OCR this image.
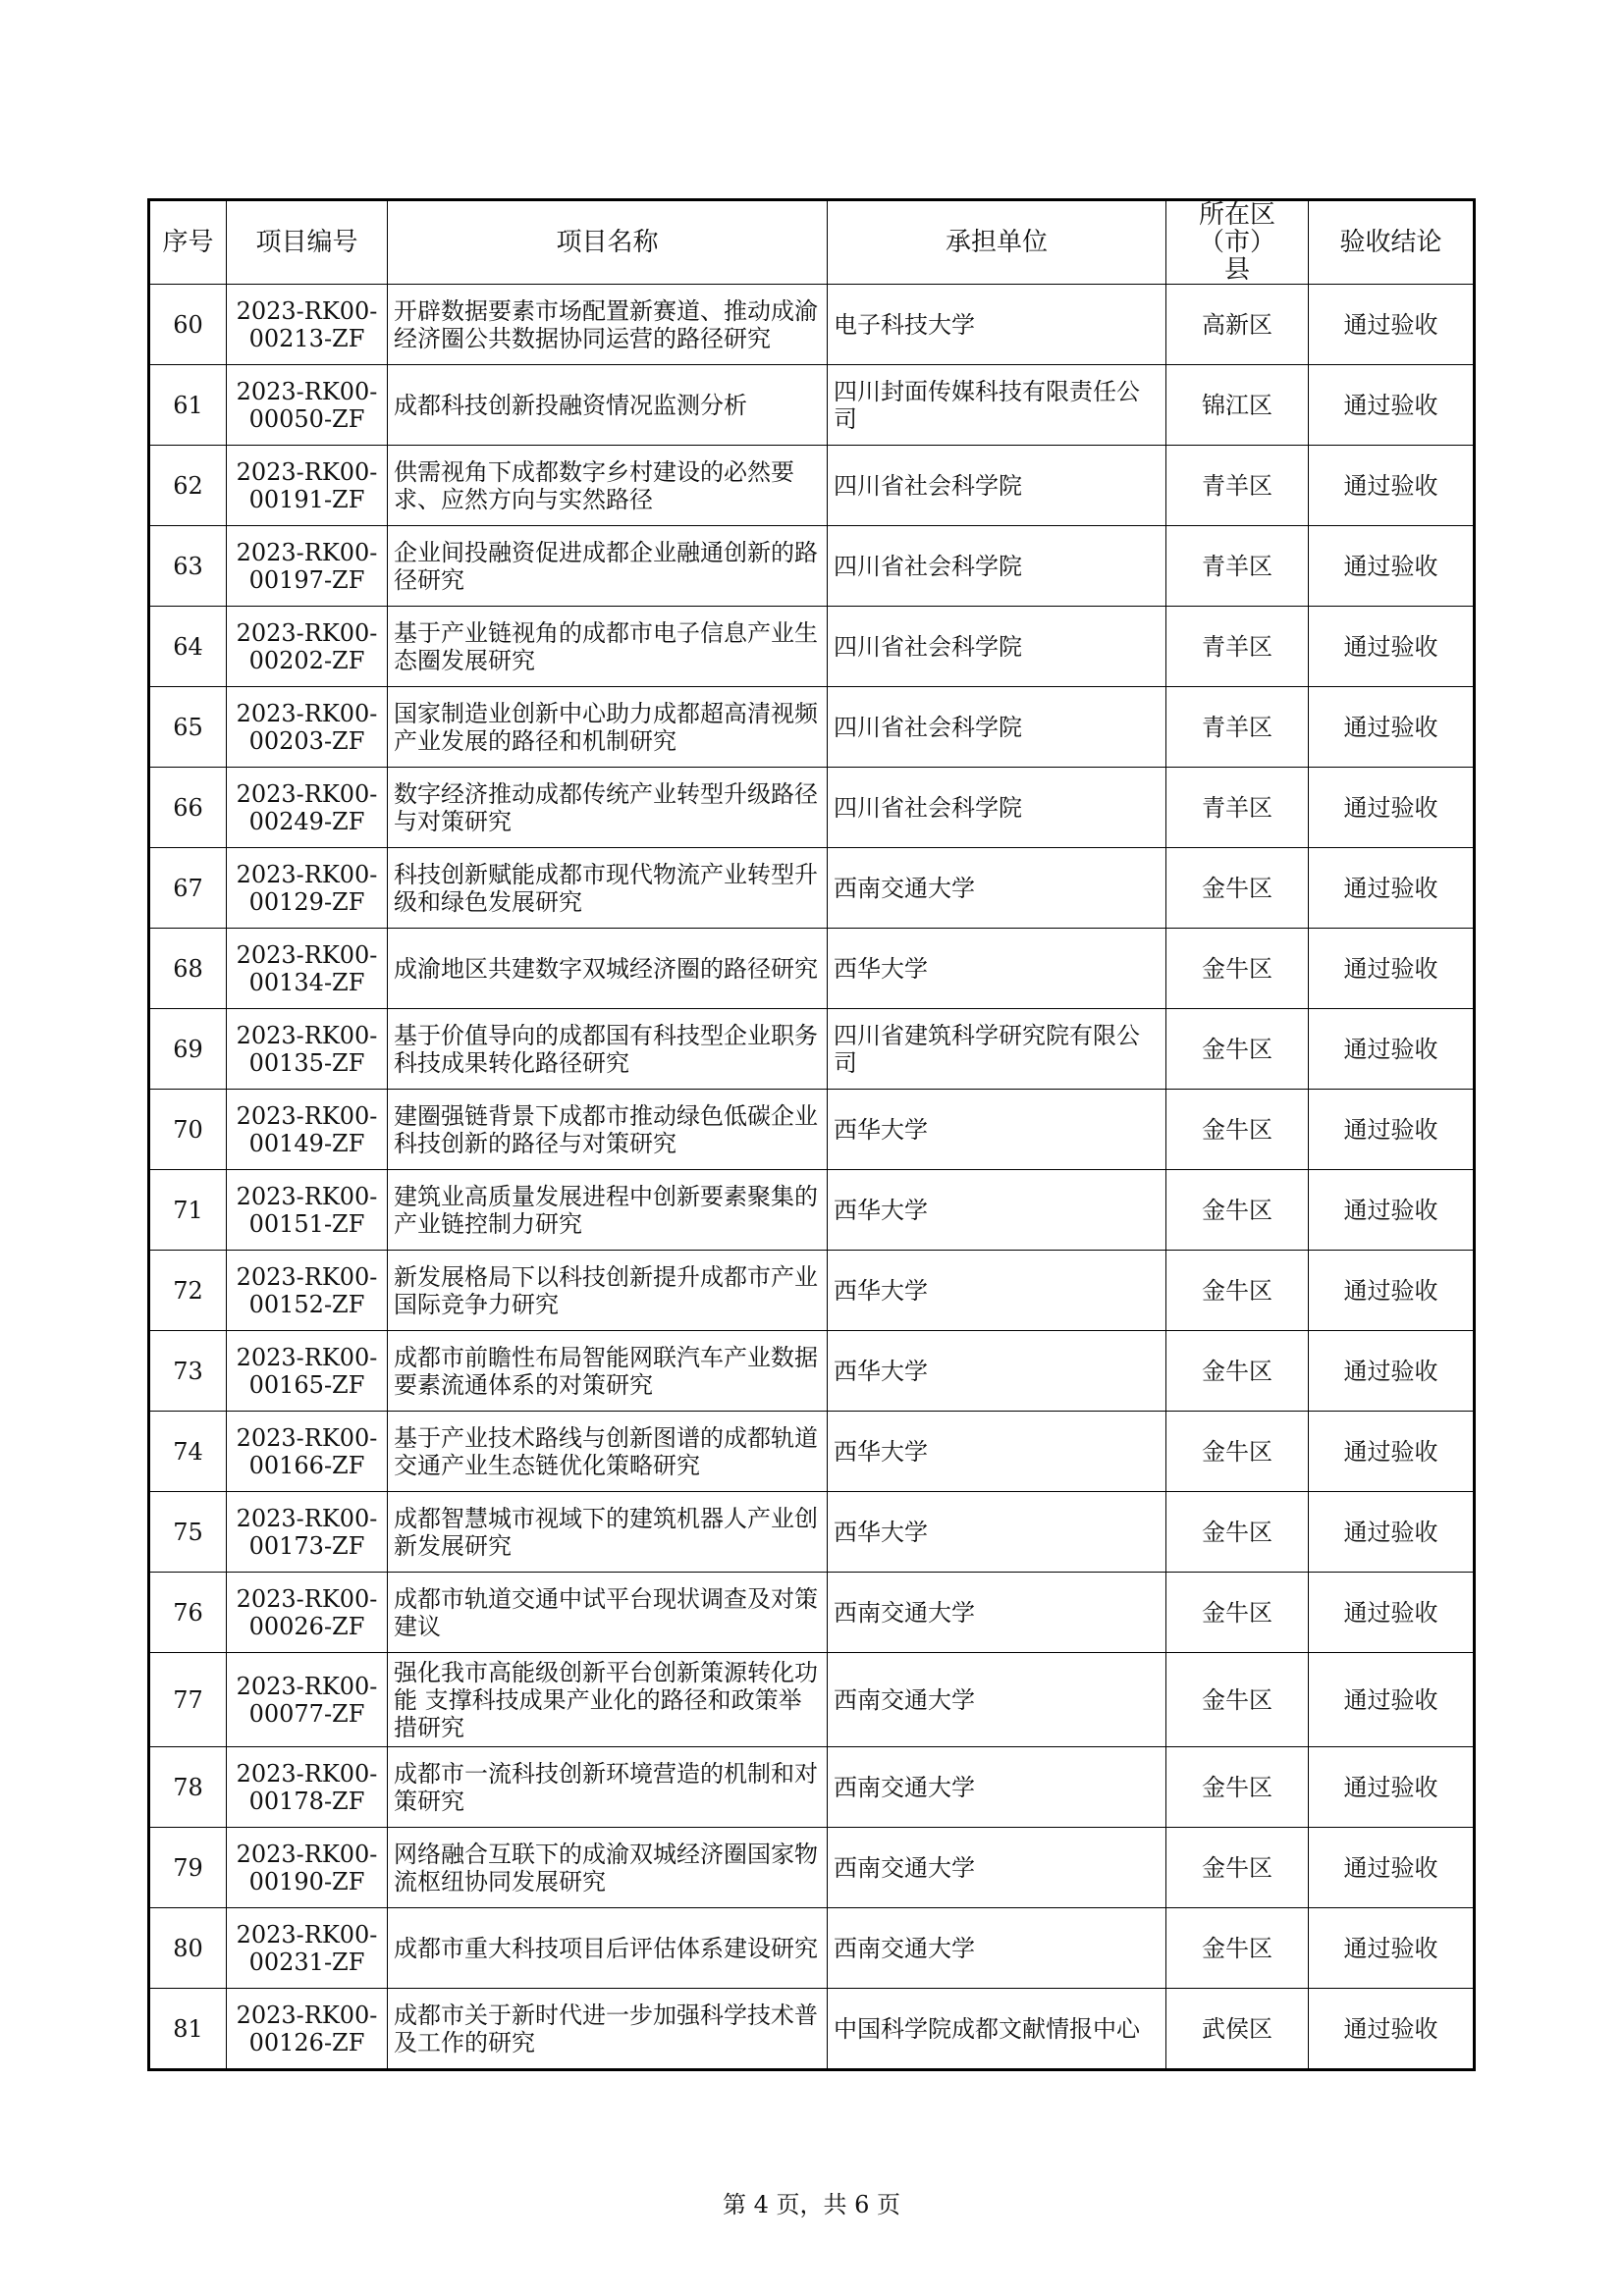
序号	项目编号	项目名称	承担单位	所在区（市）县	验收结论
60	2023-RK00-00213-ZF	开辟数据要素市场配置新赛道、推动成渝经济圈公共数据协同运营的路径研究	电子科技大学	高新区	通过验收
61	2023-RK00-00050-ZF	成都科技创新投融资情况监测分析	四川封面传媒科技有限责任公司	锦江区	通过验收
62	2023-RK00-00191-ZF	供需视角下成都数字乡村建设的必然要求、应然方向与实然路径	四川省社会科学院	青羊区	通过验收
63	2023-RK00-00197-ZF	企业间投融资促进成都企业融通创新的路径研究	四川省社会科学院	青羊区	通过验收
64	2023-RK00-00202-ZF	基于产业链视角的成都市电子信息产业生态圈发展研究	四川省社会科学院	青羊区	通过验收
65	2023-RK00-00203-ZF	国家制造业创新中心助力成都超高清视频产业发展的路径和机制研究	四川省社会科学院	青羊区	通过验收
66	2023-RK00-00249-ZF	数字经济推动成都传统产业转型升级路径与对策研究	四川省社会科学院	青羊区	通过验收
67	2023-RK00-00129-ZF	科技创新赋能成都市现代物流产业转型升级和绿色发展研究	西南交通大学	金牛区	通过验收
68	2023-RK00-00134-ZF	成渝地区共建数字双城经济圈的路径研究	西华大学	金牛区	通过验收
69	2023-RK00-00135-ZF	基于价值导向的成都国有科技型企业职务科技成果转化路径研究	四川省建筑科学研究院有限公司	金牛区	通过验收
70	2023-RK00-00149-ZF	建圈强链背景下成都市推动绿色低碳企业科技创新的路径与对策研究	西华大学	金牛区	通过验收
71	2023-RK00-00151-ZF	建筑业高质量发展进程中创新要素聚集的产业链控制力研究	西华大学	金牛区	通过验收
72	2023-RK00-00152-ZF	新发展格局下以科技创新提升成都市产业国际竞争力研究	西华大学	金牛区	通过验收
73	2023-RK00-00165-ZF	成都市前瞻性布局智能网联汽车产业数据要素流通体系的对策研究	西华大学	金牛区	通过验收
74	2023-RK00-00166-ZF	基于产业技术路线与创新图谱的成都轨道交通产业生态链优化策略研究	西华大学	金牛区	通过验收
75	2023-RK00-00173-ZF	成都智慧城市视域下的建筑机器人产业创新发展研究	西华大学	金牛区	通过验收
76	2023-RK00-00026-ZF	成都市轨道交通中试平台现状调查及对策建议	西南交通大学	金牛区	通过验收
77	2023-RK00-00077-ZF	强化我市高能级创新平台创新策源转化功能 支撑科技成果产业化的路径和政策举措研究	西南交通大学	金牛区	通过验收
78	2023-RK00-00178-ZF	成都市一流科技创新环境营造的机制和对策研究	西南交通大学	金牛区	通过验收
79	2023-RK00-00190-ZF	网络融合互联下的成渝双城经济圈国家物流枢纽协同发展研究	西南交通大学	金牛区	通过验收
80	2023-RK00-00231-ZF	成都市重大科技项目后评估体系建设研究	西南交通大学	金牛区	通过验收
81	2023-RK00-00126-ZF	成都市关于新时代进一步加强科学技术普及工作的研究	中国科学院成都文献情报中心	武侯区	通过验收
第 4 页，共 6 页
